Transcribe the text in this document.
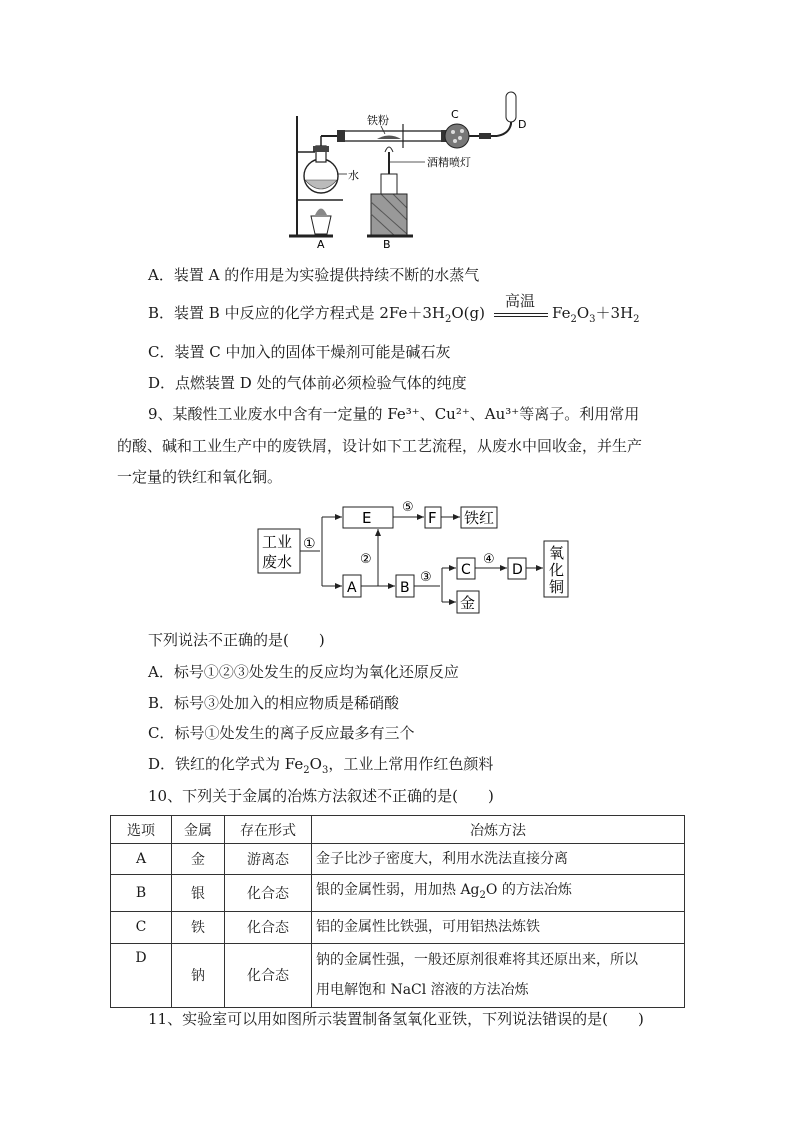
铁粉	C
D
水
酒精喷灯
A	B
A．装置 A 的作用是为实验提供持续不断的水蒸气
B．装置 B 中反应的化学方程式是 $2Fe+3H_2O(g)$
高温
$Fe_2O_3+3H_2$
C．装置 C 中加入的固体干燥剂可能是碱石灰
D．点燃装置 D 处的气体前必须检验气体的纯度
9、某酸性工业废水中含有一定量的 Fe³⁺、Cu²⁺、Au³⁺等离子。利用常用
的酸、碱和工业生产中的废铁屑，设计如下工艺流程，从废水中回收金，并生产
一定量的铁红和氧化铜。
工业
废水
E	F 铁红
A	B
C
金
D
氧
化
铜
①
②
③
④
⑤
下列说法不正确的是(　　)
A．标号①②③处发生的反应均为氧化还原反应
B．标号③处加入的相应物质是稀硝酸
C．标号①处发生的离子反应最多有三个
D．铁红的化学式为 $Fe_2O_3$，工业上常用作红色颜料
10、下列关于金属的冶炼方法叙述不正确的是(　　)
选项	金属	存在形式	冶炼方法
A	金	游离态	金子比沙子密度大，利用水洗法直接分离
B	银	化合态	银的金属性弱，用加热 $Ag_2O$ 的方法冶炼
C	铁	化合态	铝的金属性比铁强，可用铝热法炼铁
D	钠	化合态	钠的金属性强，一般还原剂很难将其还原出来，所以
用电解饱和 NaCl 溶液的方法冶炼
11、实验室可以用如图所示装置制备氢氧化亚铁，下列说法错误的是(　　)
